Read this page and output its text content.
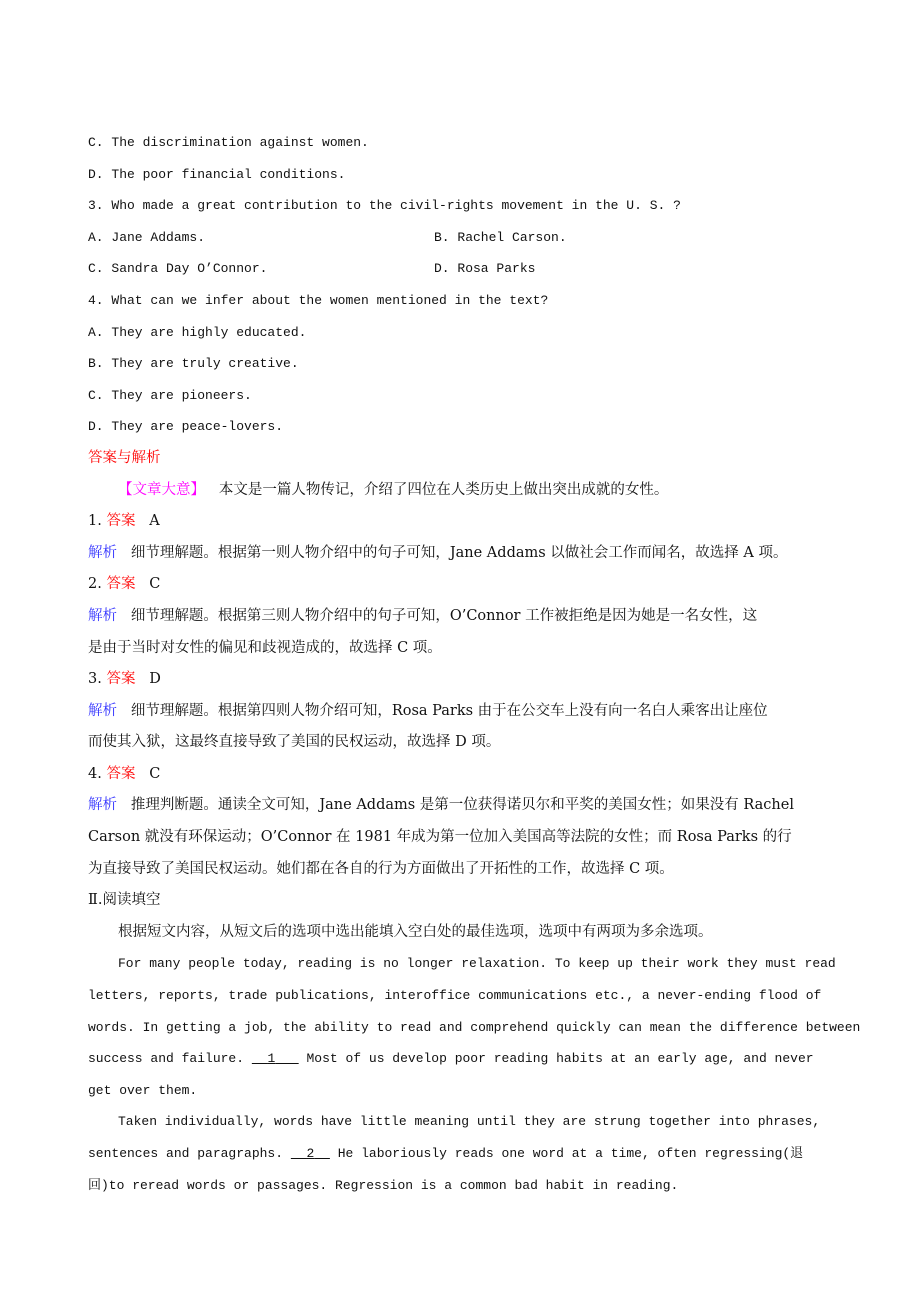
C. The discrimination against women.
D. The poor financial conditions.
3. Who made a great contribution to the civil-rights movement in the U. S. ?
A. Jane Addams.	B. Rachel Carson.
C. Sandra Day O’Connor.	D. Rosa Parks
4. What can we infer about the women mentioned in the text?
A. They are highly educated.
B. They are truly creative.
C. They are pioneers.
D. They are peace-lovers.
答案与解析
【文章大意】 本文是一篇人物传记，介绍了四位在人类历史上做出突出成就的女性。
1. 答案 A
解析 细节理解题。根据第一则人物介绍中的句子可知，Jane Addams 以做社会工作而闻名，故选择 A 项。
2. 答案 C
解析 细节理解题。根据第三则人物介绍中的句子可知，O’Connor 工作被拒绝是因为她是一名女性，这
是由于当时对女性的偏见和歧视造成的，故选择 C 项。
3. 答案 D
解析 细节理解题。根据第四则人物介绍可知，Rosa Parks 由于在公交车上没有向一名白人乘客出让座位
而使其入狱，这最终直接导致了美国的民权运动，故选择 D 项。
4. 答案 C
解析 推理判断题。通读全文可知，Jane Addams 是第一位获得诺贝尔和平奖的美国女性；如果没有 Rachel
Carson 就没有环保运动；O’Connor 在 1981 年成为第一位加入美国高等法院的女性；而 Rosa Parks 的行
为直接导致了美国民权运动。她们都在各自的行为方面做出了开拓性的工作，故选择 C 项。
Ⅱ.阅读填空
根据短文内容，从短文后的选项中选出能填入空白处的最佳选项，选项中有两项为多余选项。
For many people today, reading is no longer relaxation. To keep up their work they must read
letters, reports, trade publications, interoffice communications etc., a never-ending flood of
words. In getting a job, the ability to read and comprehend quickly can mean the difference between
success and failure. 1 Most of us develop poor reading habits at an early age, and never
get over them.
Taken individually, words have little meaning until they are strung together into phrases,
sentences and paragraphs. 2 He laboriously reads one word at a time, often regressing(退
回)to reread words or passages. Regression is a common bad habit in reading.
